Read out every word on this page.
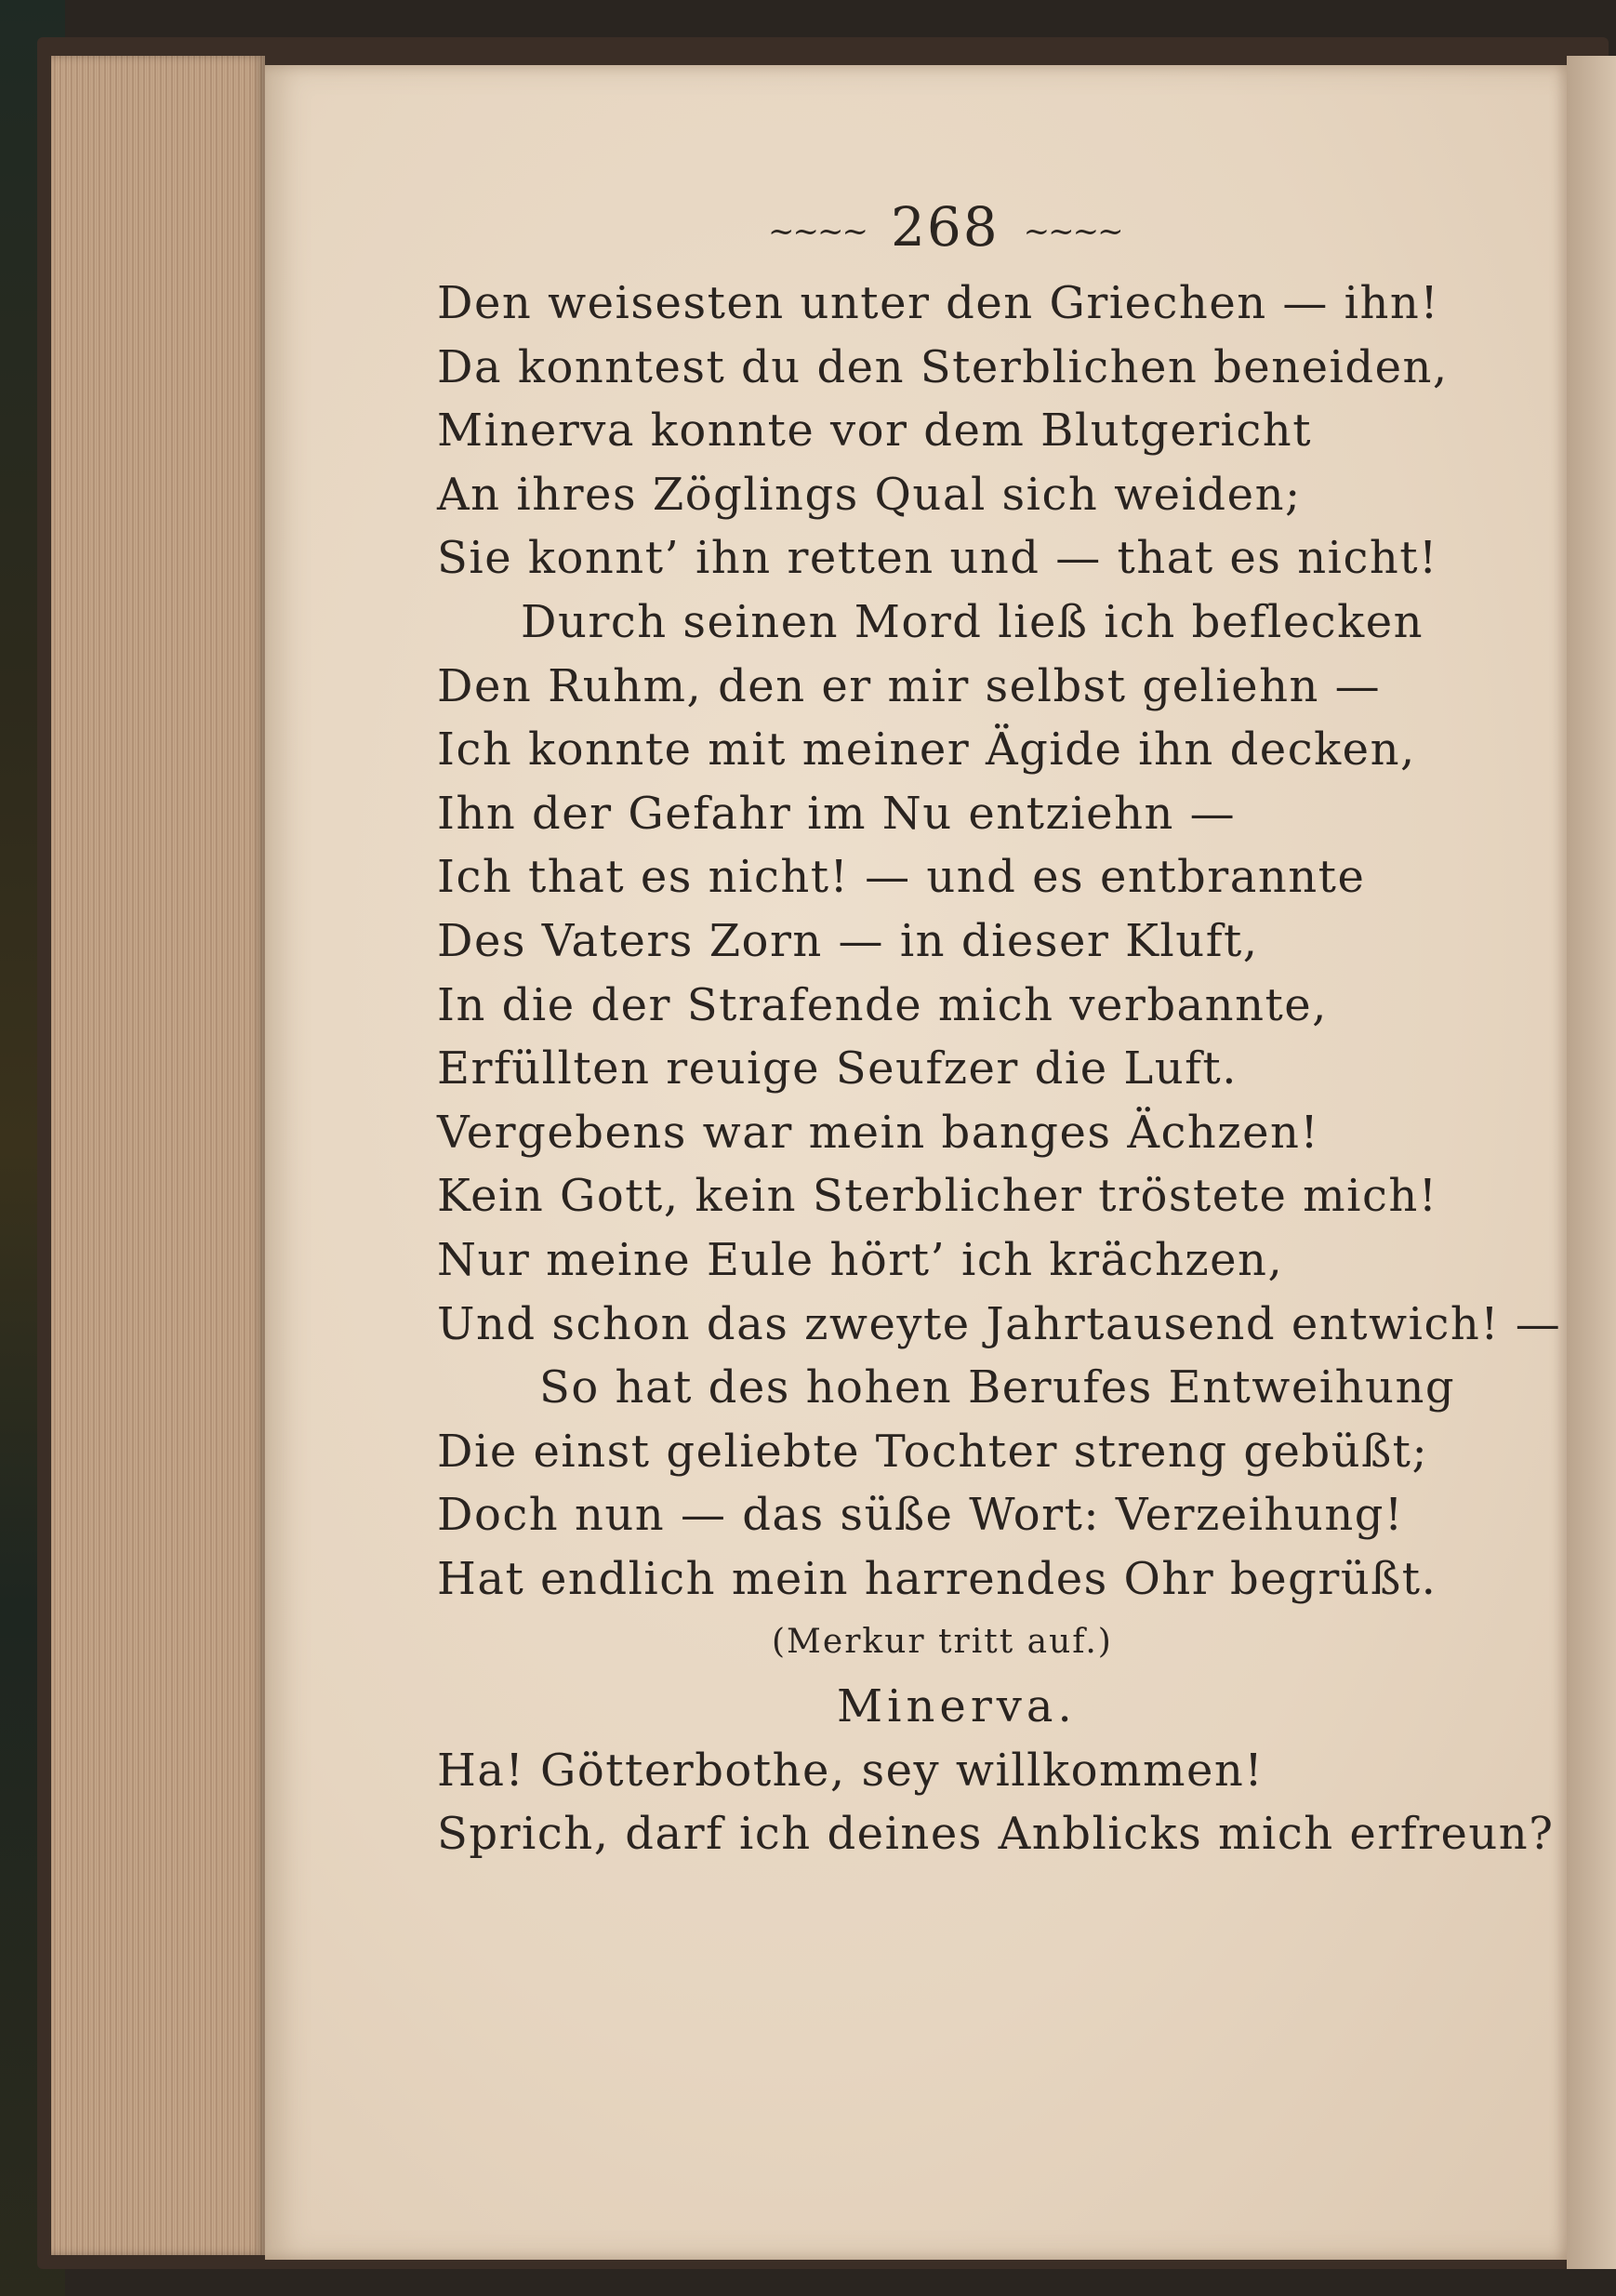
~~~~ 268 ~~~~
Den weisesten unter den Griechen — ihn!
Da konntest du den Sterblichen beneiden,
Minerva konnte vor dem Blutgericht
An ihres Zöglings Qual sich weiden;
Sie konnt’ ihn retten und — that es nicht!
Durch seinen Mord ließ ich beflecken
Den Ruhm, den er mir selbst geliehn —
Ich konnte mit meiner Ägide ihn decken,
Ihn der Gefahr im Nu entziehn —
Ich that es nicht! — und es entbrannte
Des Vaters Zorn — in dieser Kluft,
In die der Strafende mich verbannte,
Erfüllten reuige Seufzer die Luft.
Vergebens war mein banges Ächzen!
Kein Gott, kein Sterblicher tröstete mich!
Nur meine Eule hört’ ich krächzen,
Und schon das zweyte Jahrtausend entwich! —
So hat des hohen Berufes Entweihung
Die einst geliebte Tochter streng gebüßt;
Doch nun — das süße Wort: Verzeihung!
Hat endlich mein harrendes Ohr begrüßt.
(Merkur tritt auf.)
Minerva.
Ha! Götterbothe, sey willkommen!
Sprich, darf ich deines Anblicks mich erfreun?
